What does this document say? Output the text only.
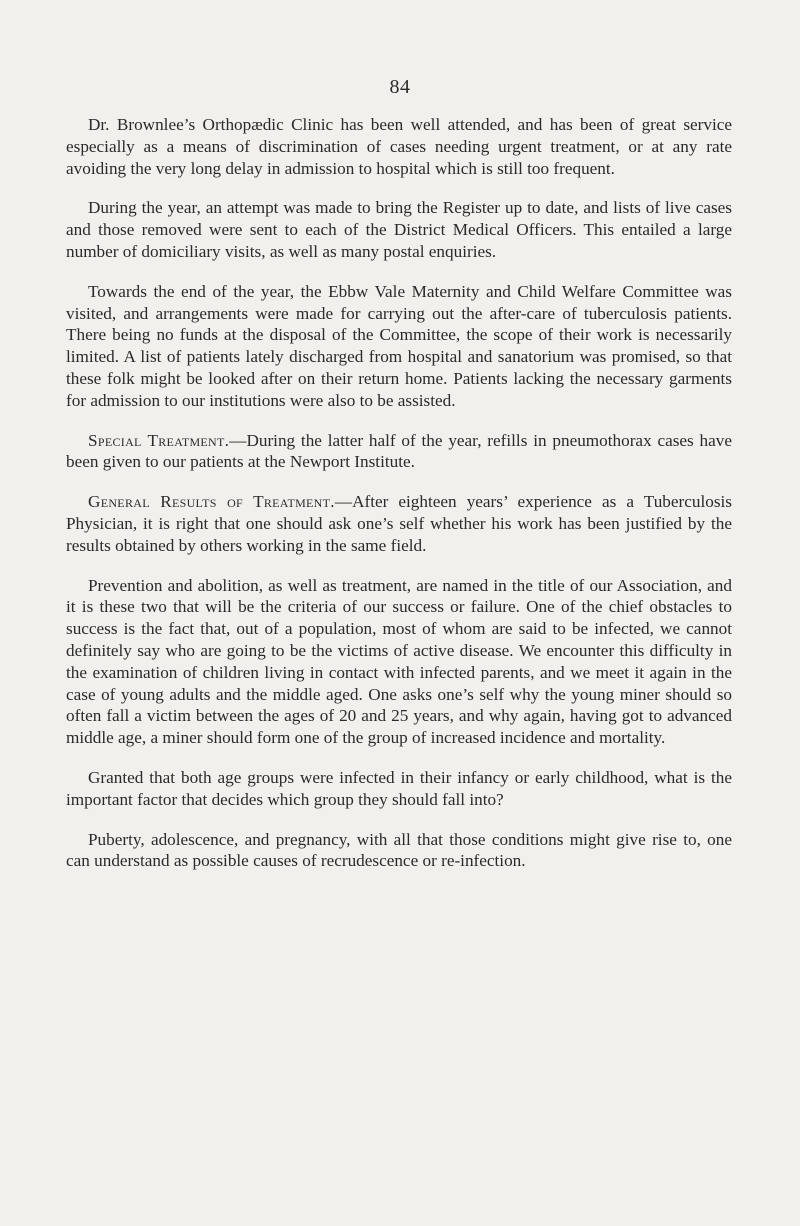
84

Dr. Brownlee’s Orthopædic Clinic has been well attended, and has been of great service especially as a means of discrimination of cases needing urgent treatment, or at any rate avoiding the very long delay in admission to hospital which is still too frequent.

During the year, an attempt was made to bring the Register up to date, and lists of live cases and those removed were sent to each of the District Medical Officers. This entailed a large number of domiciliary visits, as well as many postal enquiries.

Towards the end of the year, the Ebbw Vale Maternity and Child Welfare Committee was visited, and arrangements were made for carrying out the after-care of tuberculosis patients. There being no funds at the disposal of the Committee, the scope of their work is necessarily limited. A list of patients lately discharged from hospital and sanatorium was promised, so that these folk might be looked after on their return home. Patients lacking the necessary garments for admission to our institutions were also to be assisted.

Special Treatment.—During the latter half of the year, refills in pneumothorax cases have been given to our patients at the Newport Institute.

General Results of Treatment.—After eighteen years’ experience as a Tuberculosis Physician, it is right that one should ask one’s self whether his work has been justified by the results obtained by others working in the same field.

Prevention and abolition, as well as treatment, are named in the title of our Association, and it is these two that will be the criteria of our success or failure. One of the chief obstacles to success is the fact that, out of a population, most of whom are said to be infected, we cannot definitely say who are going to be the victims of active disease. We encounter this difficulty in the examination of children living in contact with infected parents, and we meet it again in the case of young adults and the middle aged. One asks one’s self why the young miner should so often fall a victim between the ages of 20 and 25 years, and why again, having got to advanced middle age, a miner should form one of the group of increased incidence and mortality.

Granted that both age groups were infected in their infancy or early childhood, what is the important factor that decides which group they should fall into?

Puberty, adolescence, and pregnancy, with all that those conditions might give rise to, one can understand as possible causes of recrudescence or re-infection.
